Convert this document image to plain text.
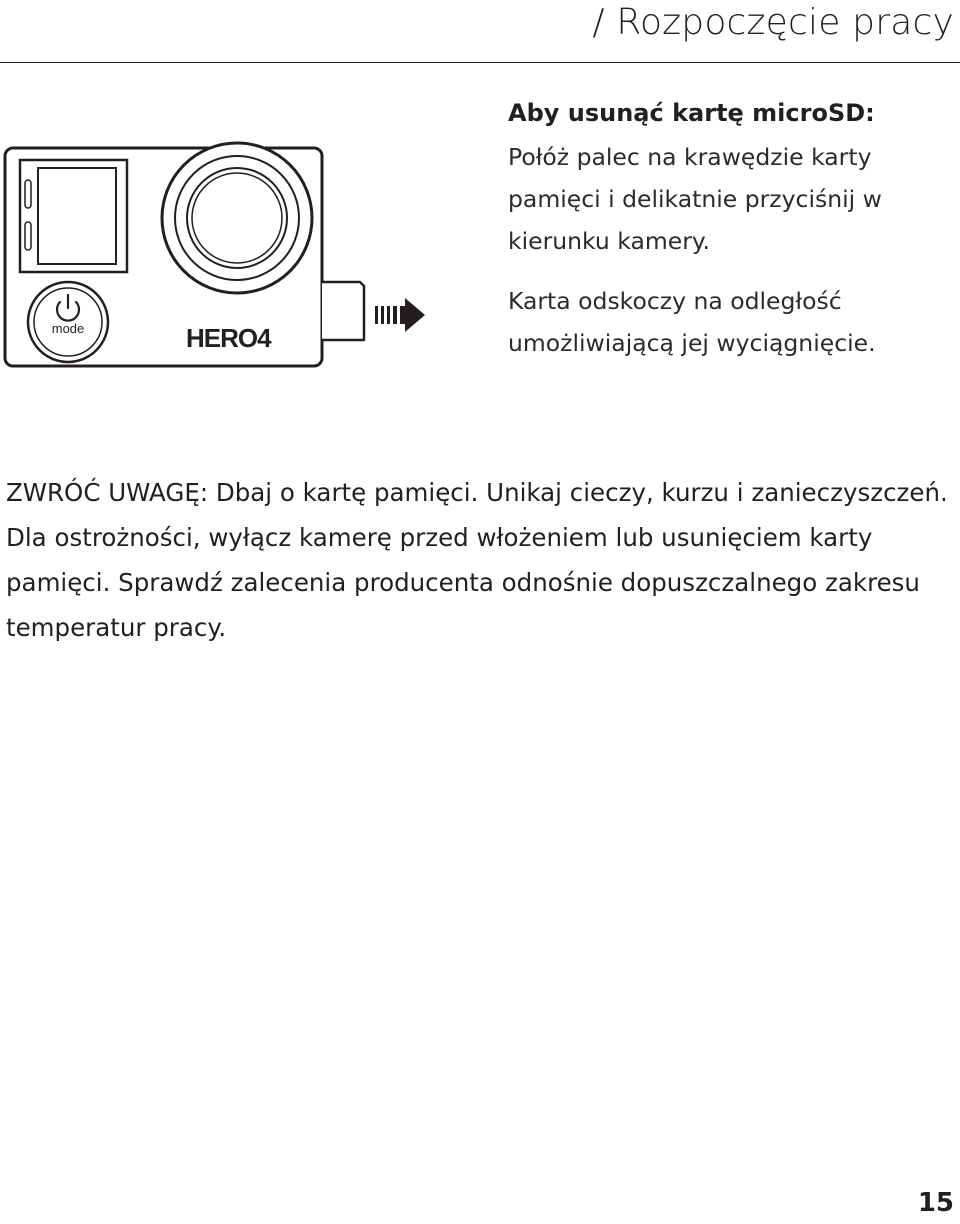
/ Rozpoczęcie pracy
mode	HERO4

Aby usunąć kartę microSD:

Połóż palec na krawędzie karty pamięci i delikatnie przyciśnij w kierunku kamery.

Karta odskoczy na odległość umożliwiającą jej wyciągnięcie.

ZWRÓĆ UWAGĘ: Dbaj o kartę pamięci. Unikaj cieczy, kurzu i zanieczyszczeń. Dla ostrożności, wyłącz kamerę przed włożeniem lub usunięciem karty pamięci. Sprawdź zalecenia producenta odnośnie dopuszczalnego zakresu temperatur pracy.

15
